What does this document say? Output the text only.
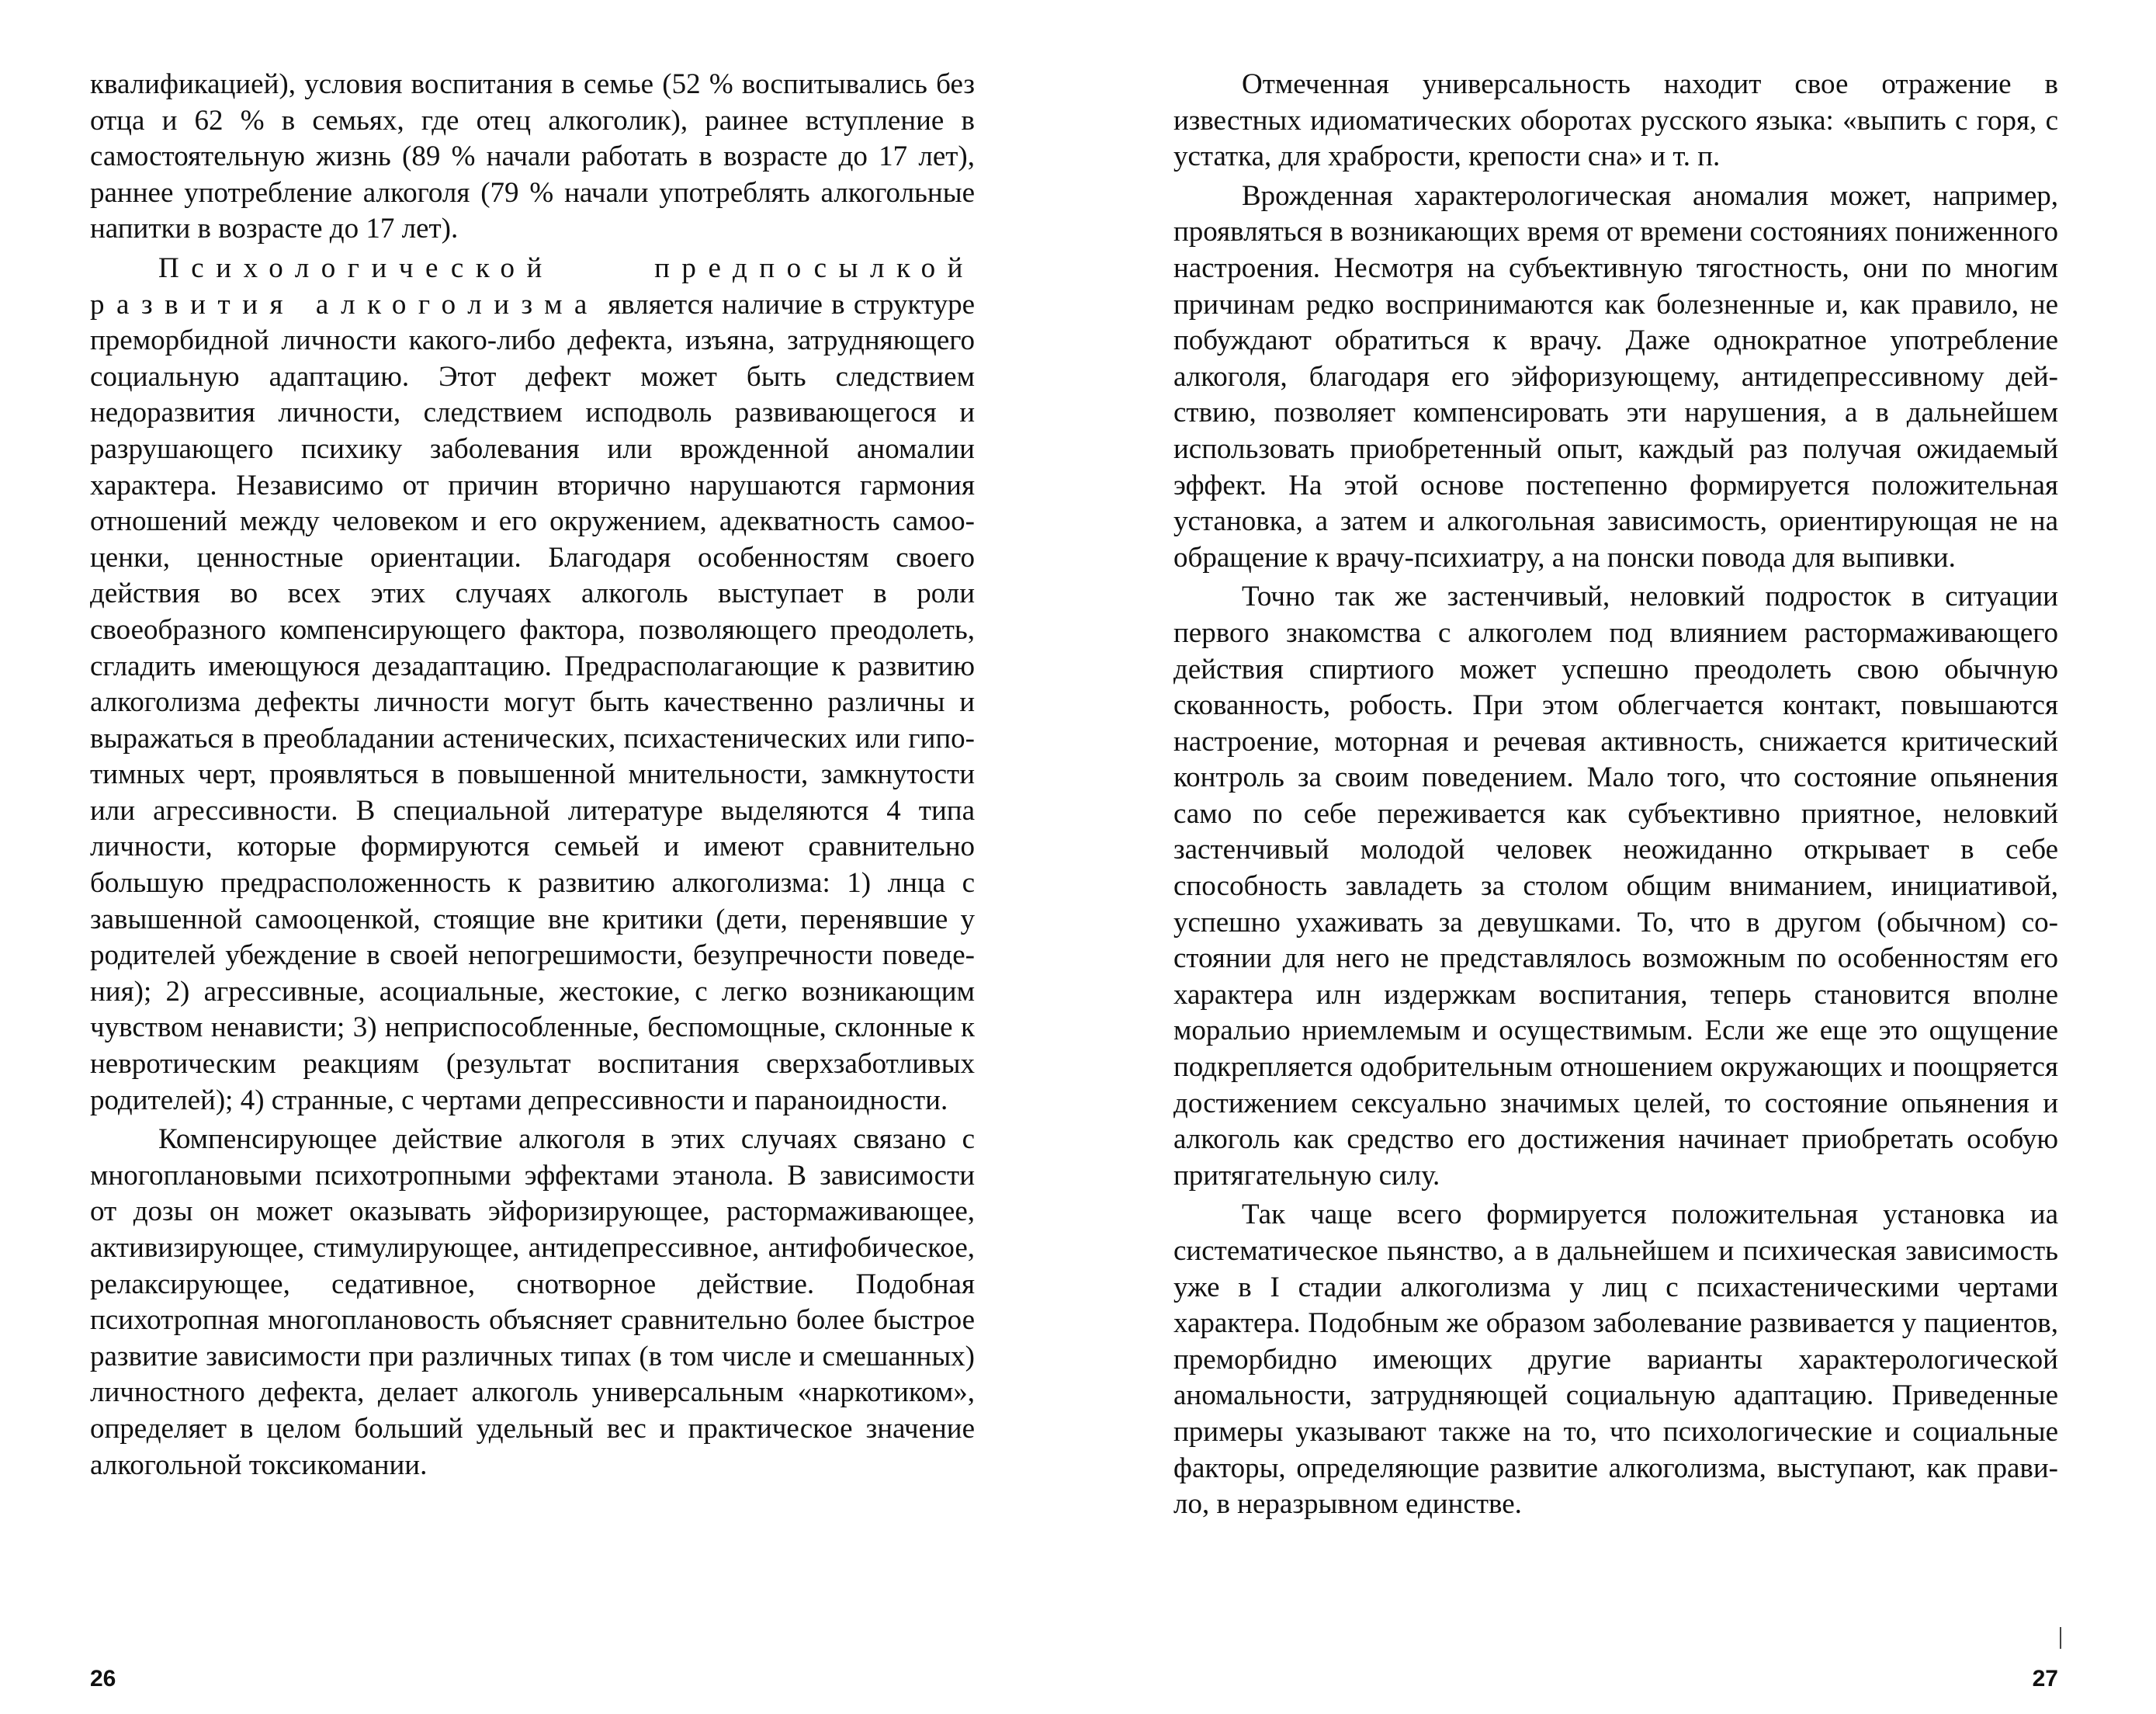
квалификацией), условия воспитания в семье (52 % воспитывались без отца и 62 % в семьях, где отец алкоголик), раинее вступление в самостоятельную жизнь (89 % начали работать в возрасте до 17 лет), раннее употребление алкоголя (79 % начали употреблять алкогольные напитки в возрасте до 17 лет).

Психологической предпосылкой развития алкоголизма является наличие в структуре преморбидной личности какого-либо дефекта, изъяна, затрудняющего социальную адаптацию. Этот дефект может быть следствием недоразвития личности, следствием исподволь развивающегося и разрушающего психику заболевания или врожденной аномалии характера. Независимо от причин вторично нарушаются гармония отношений между человеком и его окружением, адекватность самооценки, ценностные ориентации. Благодаря особенностям своего действия во всех этих случаях алкоголь выступает в роли своеобразного компенсирующего фактора, позволяющего преодолеть, сгладить имеющуюся дезадаптацию. Предрасполагающие к развитию алкоголизма дефекты личности могут быть качественно различны и выражаться в преобладании астенических, психастенических или гипотимных черт, проявляться в повышенной мнительности, замкнутости или агрессивности. В специальной литературе выделяются 4 типа личности, которые формируются семьей и имеют сравнительно большую предрасположенность к развитию алкоголизма: 1) лнца с завышенной самооценкой, стоящие вне критики (дети, перенявшие у родителей убеждение в своей непогрешимости, безупречности поведения); 2) агрессивные, асоциальные, жестокие, с легко возникающим чувством ненависти; 3) неприспособленные, беспомощные, склонные к невротическим реакциям (результат воспитания сверхзаботливых родителей); 4) странные, с чертами депрессивности и параноидности.

Компенсирующее действие алкоголя в этих случаях связано с многоплановыми психотропными эффектами этанола. В зависимости от дозы он может оказывать эйфоризирующее, растормаживающее, активизирующее, стимулирующее, антидепрессивное, антифобическое, релаксирующее, седативное, снотворное действие. Подобная психотропная многоплановость объясняет сравнительно более быстрое развитие зависимости при различных типах (в том числе и смешанных) личностного дефекта, делает алкоголь универсальным «наркотиком», определяет в целом больший удельный вес и практическое значение алкогольной токсикомании.

26

Отмеченная универсальность находит свое отражение в известных идиоматических оборотах русского языка: «выпить с горя, с устатка, для храбрости, крепости сна» и т. п.

Врожденная характерологическая аномалия может, например, проявляться в возникающих время от времени состояниях пониженного настроения. Несмотря на субъективную тягостность, они по многим причинам редко воспринимаются как болезненные и, как правило, не побуждают обратиться к врачу. Даже однократное употребление алкоголя, благодаря его эйфоризующему, антидепрессивному действию, позволяет компенсировать эти нарушения, а в дальнейшем использовать приобретенный опыт, каждый раз получая ожидаемый эффект. На этой основе постепенно формируется положительная установка, а затем и алкогольная зависимость, ориентирующая не на обращение к врачу-психиатру, а на понски повода для выпивки.

Точно так же застенчивый, неловкий подросток в ситуации первого знакомства с алкоголем под влиянием растормаживающего действия спиртиого может успешно преодолеть свою обычную скованность, робость. При этом облегчается контакт, повышаются настроение, моторная и речевая активность, снижается критический контроль за своим поведением. Мало того, что состояние опьянения само по себе переживается как субъективно приятное, неловкий застенчивый молодой человек неожиданно открывает в себе способность завладеть за столом общим вниманием, инициативой, успешно ухаживать за девушками. То, что в другом (обычном) состоянии для него не представлялось возможным по особенностям его характера илн издержкам воспитания, теперь становится вполне моральио нриемлемым и осуществимым. Если же еще это ощущение подкрепляется одобрительным отношением окружающих и поощряется достижением сексуально значимых целей, то состояние опьянения и алкоголь как средство его достижения начинает приобретать особую притягательную силу.

Так чаще всего формируется положительная установка иа систематическое пьянство, а в дальнейшем и психическая зависимость уже в I стадии алкоголизма у лиц с психастеническими чертами характера. Подобным же образом заболевание развивается у пациентов, преморбидно имеющих другие варианты характерологической аномальности, затрудняющей социальную адаптацию. Приведенные примеры указывают также на то, что психологические и социальные факторы, определяющие развитие алкоголизма, выступают, как правило, в неразрывном единстве.

27
